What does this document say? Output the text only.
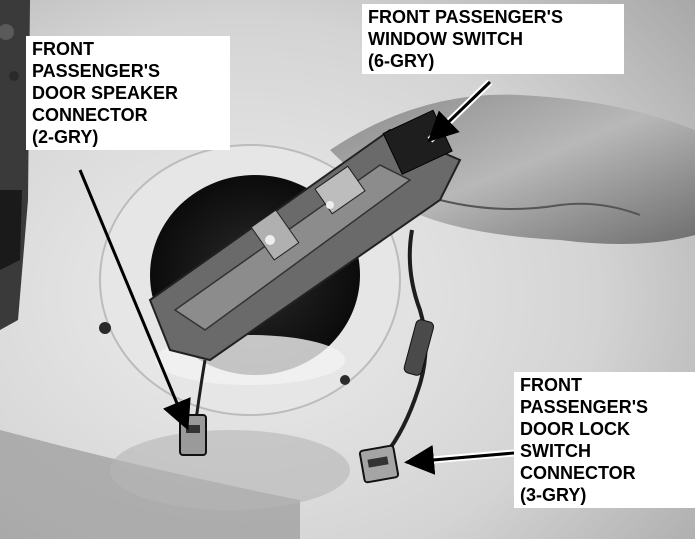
FRONT
PASSENGER'S
DOOR SPEAKER
CONNECTOR
(2-GRY)
FRONT PASSENGER'S
WINDOW SWITCH
(6-GRY)
FRONT
PASSENGER'S
DOOR LOCK
SWITCH
CONNECTOR
(3-GRY)
